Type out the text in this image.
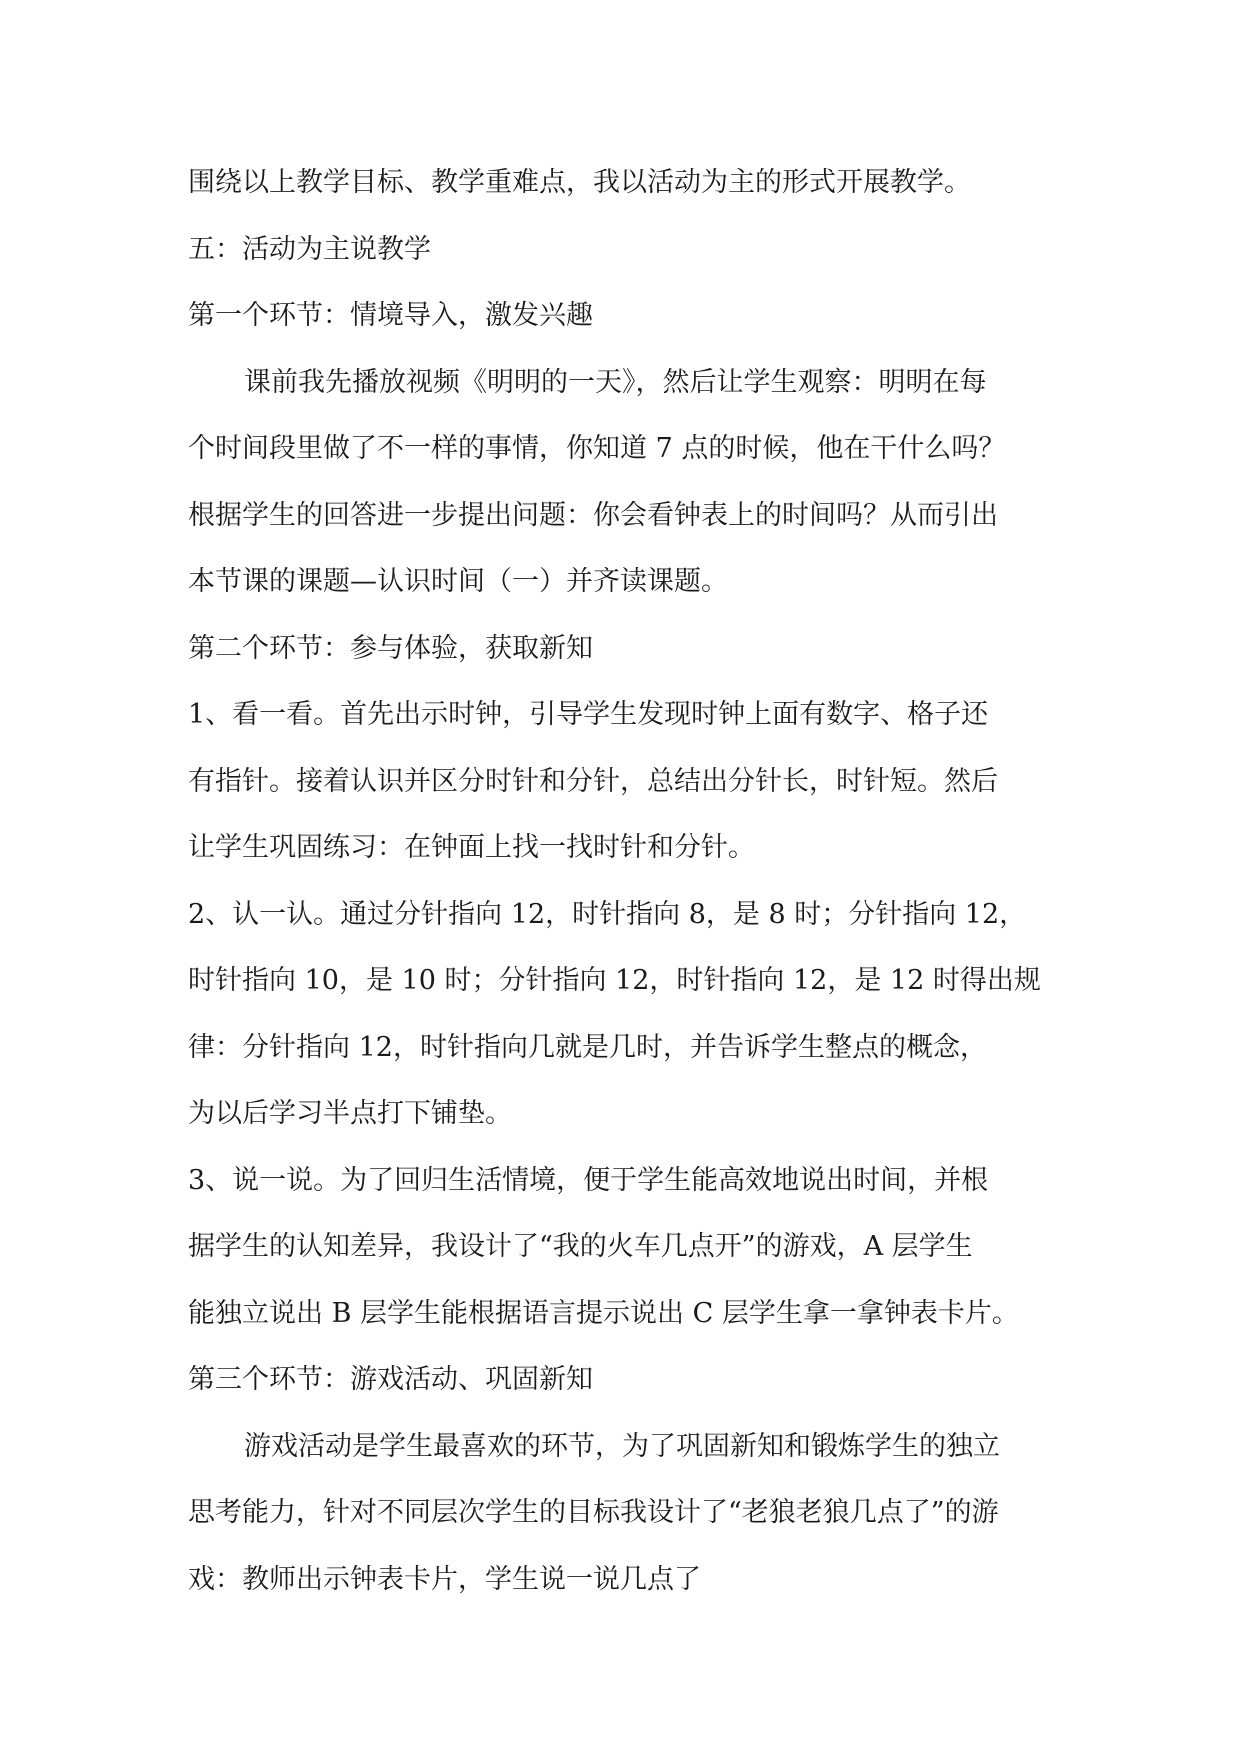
围绕以上教学目标、教学重难点，我以活动为主的形式开展教学。
五：活动为主说教学
第一个环节：情境导入，激发兴趣
课前我先播放视频《明明的一天》，然后让学生观察：明明在每
个时间段里做了不一样的事情，你知道 7 点的时候，他在干什么吗？
根据学生的回答进一步提出问题：你会看钟表上的时间吗？从而引出
本节课的课题—认识时间（一）并齐读课题。
第二个环节：参与体验，获取新知
1、看一看。首先出示时钟，引导学生发现时钟上面有数字、格子还
有指针。接着认识并区分时针和分针，总结出分针长，时针短。然后
让学生巩固练习：在钟面上找一找时针和分针。
2、认一认。通过分针指向 12，时针指向 8，是 8 时；分针指向 12，
时针指向 10，是 10 时；分针指向 12，时针指向 12，是 12 时得出规
律：分针指向 12，时针指向几就是几时，并告诉学生整点的概念，
为以后学习半点打下铺垫。
3、说一说。为了回归生活情境，便于学生能高效地说出时间，并根
据学生的认知差异，我设计了“我的火车几点开”的游戏，A 层学生
能独立说出 B 层学生能根据语言提示说出 C 层学生拿一拿钟表卡片。
第三个环节：游戏活动、巩固新知
游戏活动是学生最喜欢的环节，为了巩固新知和锻炼学生的独立
思考能力，针对不同层次学生的目标我设计了“老狼老狼几点了”的游
戏：教师出示钟表卡片，学生说一说几点了
